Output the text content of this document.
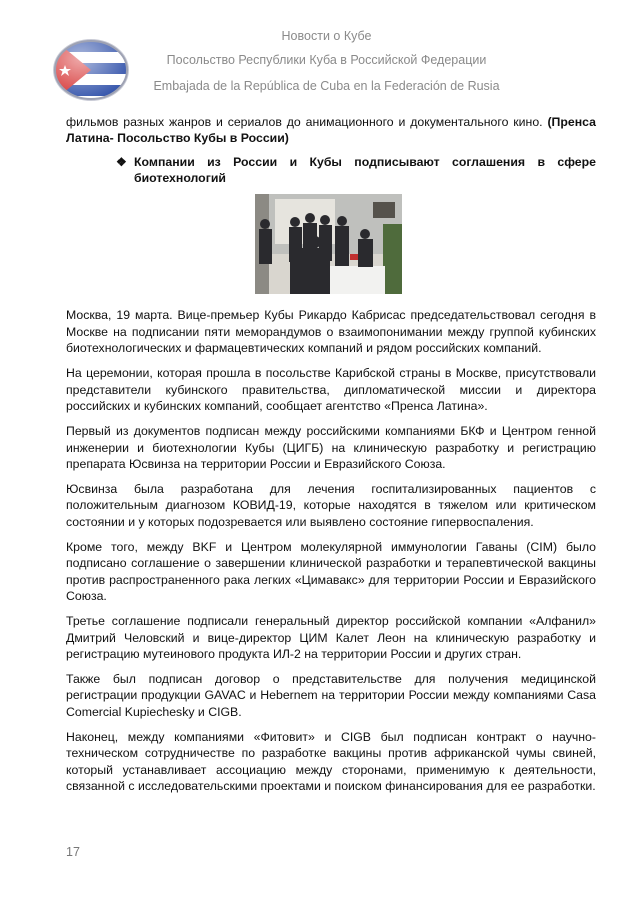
Новости о Кубе
Посольство Республики Куба в Российской Федерации
Embajada de la República de Cuba en la Federación de Rusia

фильмов разных жанров и сериалов до анимационного и документального кино. (Пренса Латина- Посольство Кубы в России)

❖ Компании из России и Кубы подписывают соглашения в сфере биотехнологий

Москва, 19 марта. Вице-премьер Кубы Рикардо Кабрисас председательствовал сегодня в Москве на подписании пяти меморандумов о взаимопонимании между группой кубинских биотехнологических и фармацевтических компаний и рядом российских компаний.

На церемонии, которая прошла в посольстве Карибской страны в Москве, присутствовали представители кубинского правительства, дипломатической миссии и директора российских и кубинских компаний, сообщает агентство «Пренса Латина».

Первый из документов подписан между российскими компаниями БКФ и Центром генной инженерии и биотехнологии Кубы (ЦИГБ) на клиническую разработку и регистрацию препарата Юсвинза на территории России и Евразийского Союза.

Юсвинза была разработана для лечения госпитализированных пациентов с положительным диагнозом КОВИД-19, которые находятся в тяжелом или критическом состоянии и у которых подозревается или выявлено состояние гипервоспаления.

Кроме того, между BKF и Центром молекулярной иммунологии Гаваны (CIM) было подписано соглашение о завершении клинической разработки и терапевтической вакцины против распространенного рака легких «Цимавакс» для территории России и Евразийского Союза.

Третье соглашение подписали генеральный директор российской компании «Алфанил» Дмитрий Человский и вице-директор ЦИМ Калет Леон на клиническую разработку и регистрацию мутеинового продукта ИЛ-2 на территории России и других стран.

Также был подписан договор о представительстве для получения медицинской регистрации продукции GAVAC и Hebernem на территории России между компаниями Casa Comercial Kupiechesky и CIGB.

Наконец, между компаниями «Фитовит» и CIGB был подписан контракт о научно-техническом сотрудничестве по разработке вакцины против африканской чумы свиней, который устанавливает ассоциацию между сторонами, применимую к деятельности, связанной с исследовательскими проектами и поиском финансирования для ее разработки.

17
